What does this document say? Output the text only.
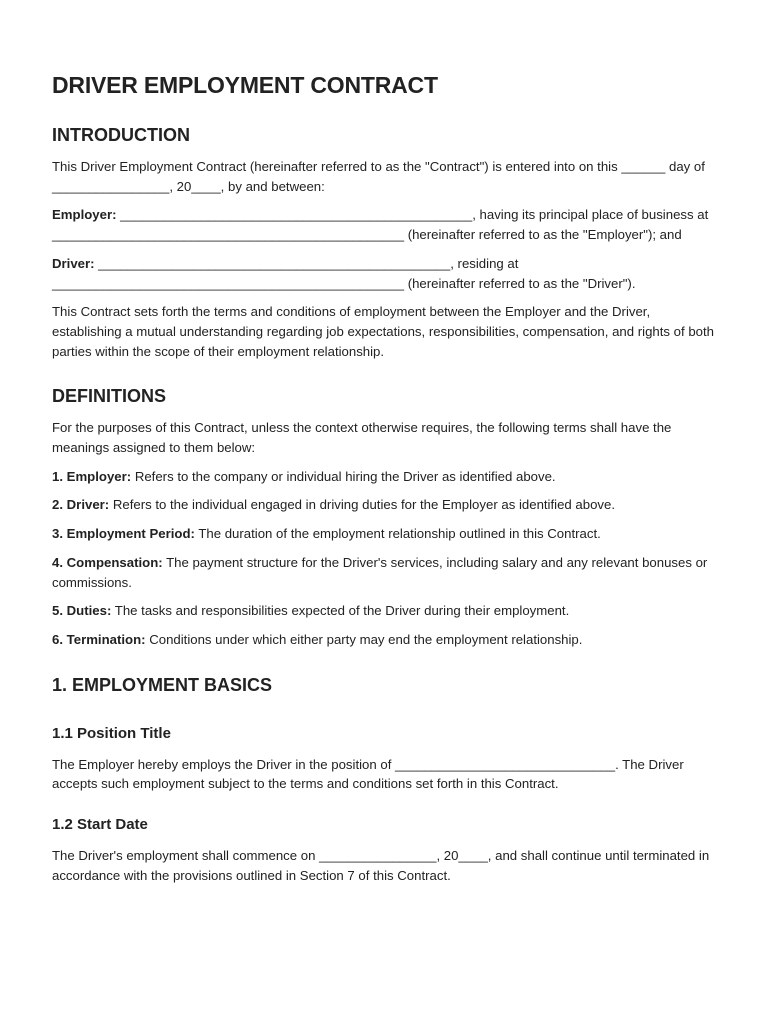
DRIVER EMPLOYMENT CONTRACT
INTRODUCTION

This Driver Employment Contract (hereinafter referred to as the "Contract") is entered into on this ______ day of ________________, 20____, by and between:

Employer: ________________________________________________, having its principal place of business at ________________________________________________ (hereinafter referred to as the "Employer"); and

Driver: ________________________________________________, residing at ________________________________________________ (hereinafter referred to as the "Driver").

This Contract sets forth the terms and conditions of employment between the Employer and the Driver, establishing a mutual understanding regarding job expectations, responsibilities, compensation, and rights of both parties within the scope of their employment relationship.

DEFINITIONS

For the purposes of this Contract, unless the context otherwise requires, the following terms shall have the meanings assigned to them below:

1. Employer: Refers to the company or individual hiring the Driver as identified above.

2. Driver: Refers to the individual engaged in driving duties for the Employer as identified above.

3. Employment Period: The duration of the employment relationship outlined in this Contract.

4. Compensation: The payment structure for the Driver's services, including salary and any relevant bonuses or commissions.

5. Duties: The tasks and responsibilities expected of the Driver during their employment.

6. Termination: Conditions under which either party may end the employment relationship.

1. EMPLOYMENT BASICS
1.1 Position Title

The Employer hereby employs the Driver in the position of ______________________________. The Driver accepts such employment subject to the terms and conditions set forth in this Contract.

1.2 Start Date

The Driver's employment shall commence on ________________, 20____, and shall continue until terminated in accordance with the provisions outlined in Section 7 of this Contract.
